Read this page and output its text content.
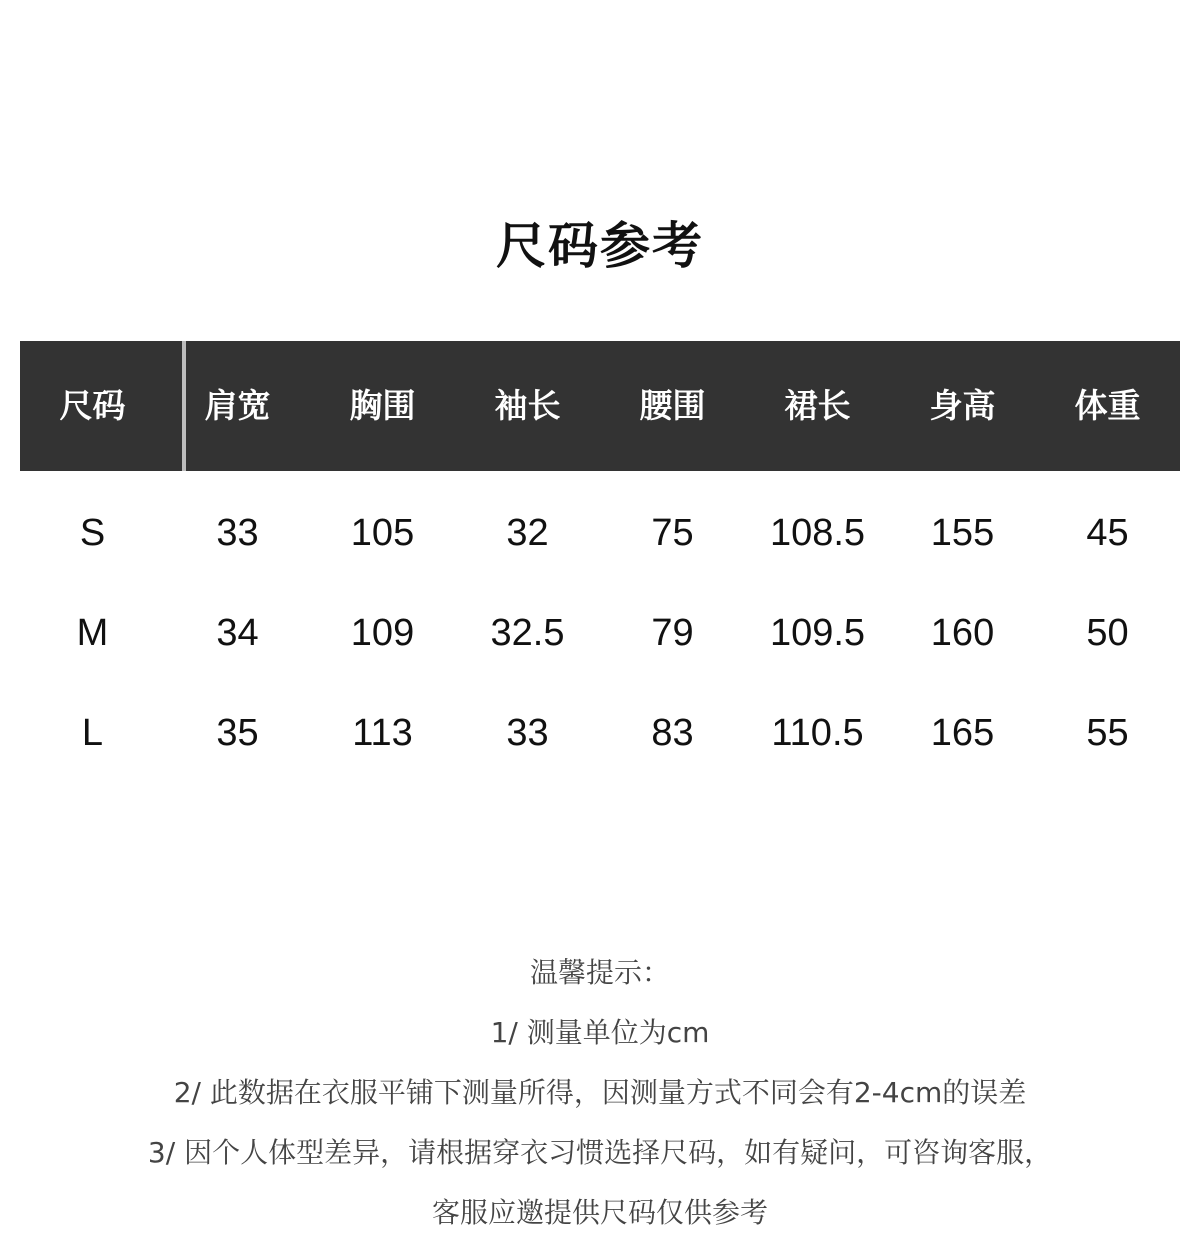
尺码参考
尺码	肩宽	胸围	袖长	腰围	裙长	身高	体重
S	33	105	32	75	108.5	155	45
M	34	109	32.5	79	109.5	160	50
L	35	113	33	83	110.5	165	55
温馨提示：
1/ 测量单位为cm
2/ 此数据在衣服平铺下测量所得，因测量方式不同会有2-4cm的误差
3/ 因个人体型差异，请根据穿衣习惯选择尺码，如有疑问，可咨询客服，
客服应邀提供尺码仅供参考
